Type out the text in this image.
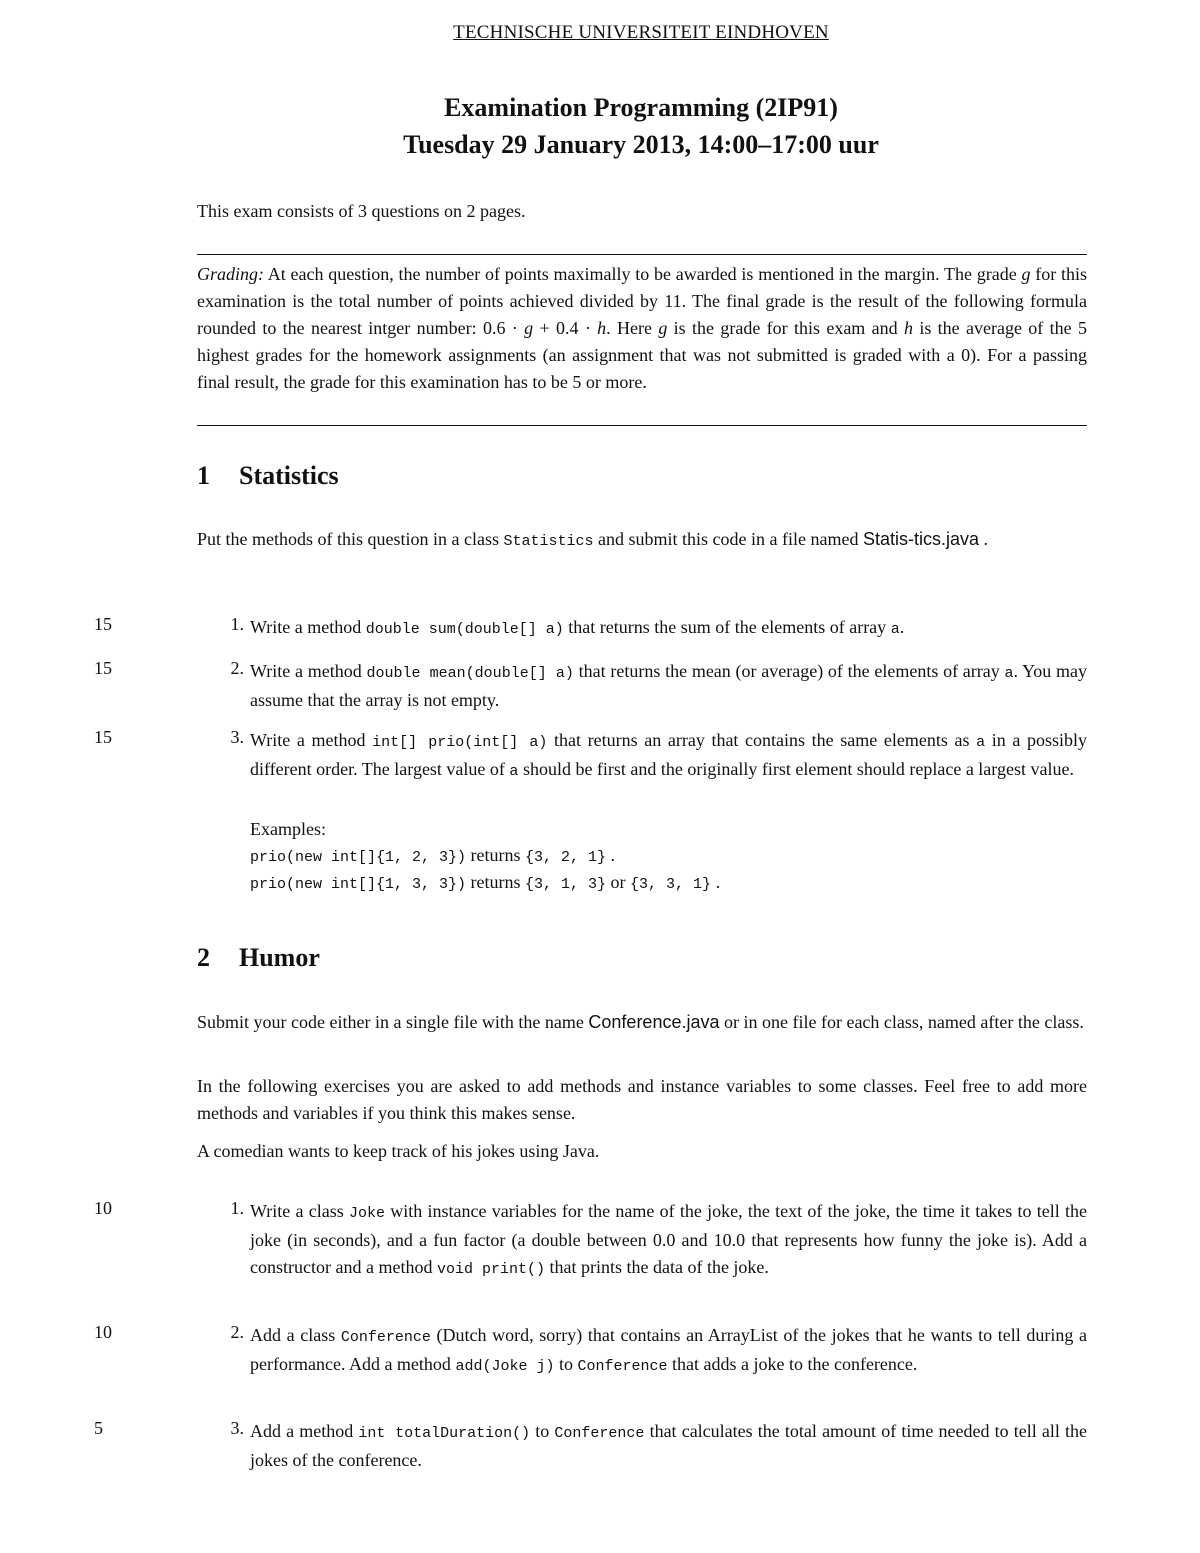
TECHNISCHE UNIVERSITEIT EINDHOVEN
Examination Programming (2IP91)
Tuesday 29 January 2013, 14:00–17:00 uur
This exam consists of 3 questions on 2 pages.
Grading: At each question, the number of points maximally to be awarded is mentioned in the margin. The grade g for this examination is the total number of points achieved divided by 11. The final grade is the result of the following formula rounded to the nearest intger number: 0.6 · g + 0.4 · h. Here g is the grade for this exam and h is the average of the 5 highest grades for the homework assignments (an assignment that was not submitted is graded with a 0). For a passing final result, the grade for this examination has to be 5 or more.
1 Statistics
Put the methods of this question in a class Statistics and submit this code in a file named Statis-tics.java .
15	1. Write a method double sum(double[] a) that returns the sum of the elements of array a.
15	2. Write a method double mean(double[] a) that returns the mean (or average) of the elements of array a. You may assume that the array is not empty.
15	3. Write a method int[] prio(int[] a) that returns an array that contains the same elements as a in a possibly different order. The largest value of a should be first and the originally first element should replace a largest value.
Examples:
prio(new int[]{1, 2, 3}) returns {3, 2, 1} .
prio(new int[]{1, 3, 3}) returns {3, 1, 3} or {3, 3, 1} .
2 Humor
Submit your code either in a single file with the name Conference.java or in one file for each class, named after the class.
In the following exercises you are asked to add methods and instance variables to some classes. Feel free to add more methods and variables if you think this makes sense.
A comedian wants to keep track of his jokes using Java.
10	1. Write a class Joke with instance variables for the name of the joke, the text of the joke, the time it takes to tell the joke (in seconds), and a fun factor (a double between 0.0 and 10.0 that represents how funny the joke is). Add a constructor and a method void print() that prints the data of the joke.
10	2. Add a class Conference (Dutch word, sorry) that contains an ArrayList of the jokes that he wants to tell during a performance. Add a method add(Joke j) to Conference that adds a joke to the conference.
5	3. Add a method int totalDuration() to Conference that calculates the total amount of time needed to tell all the jokes of the conference.
